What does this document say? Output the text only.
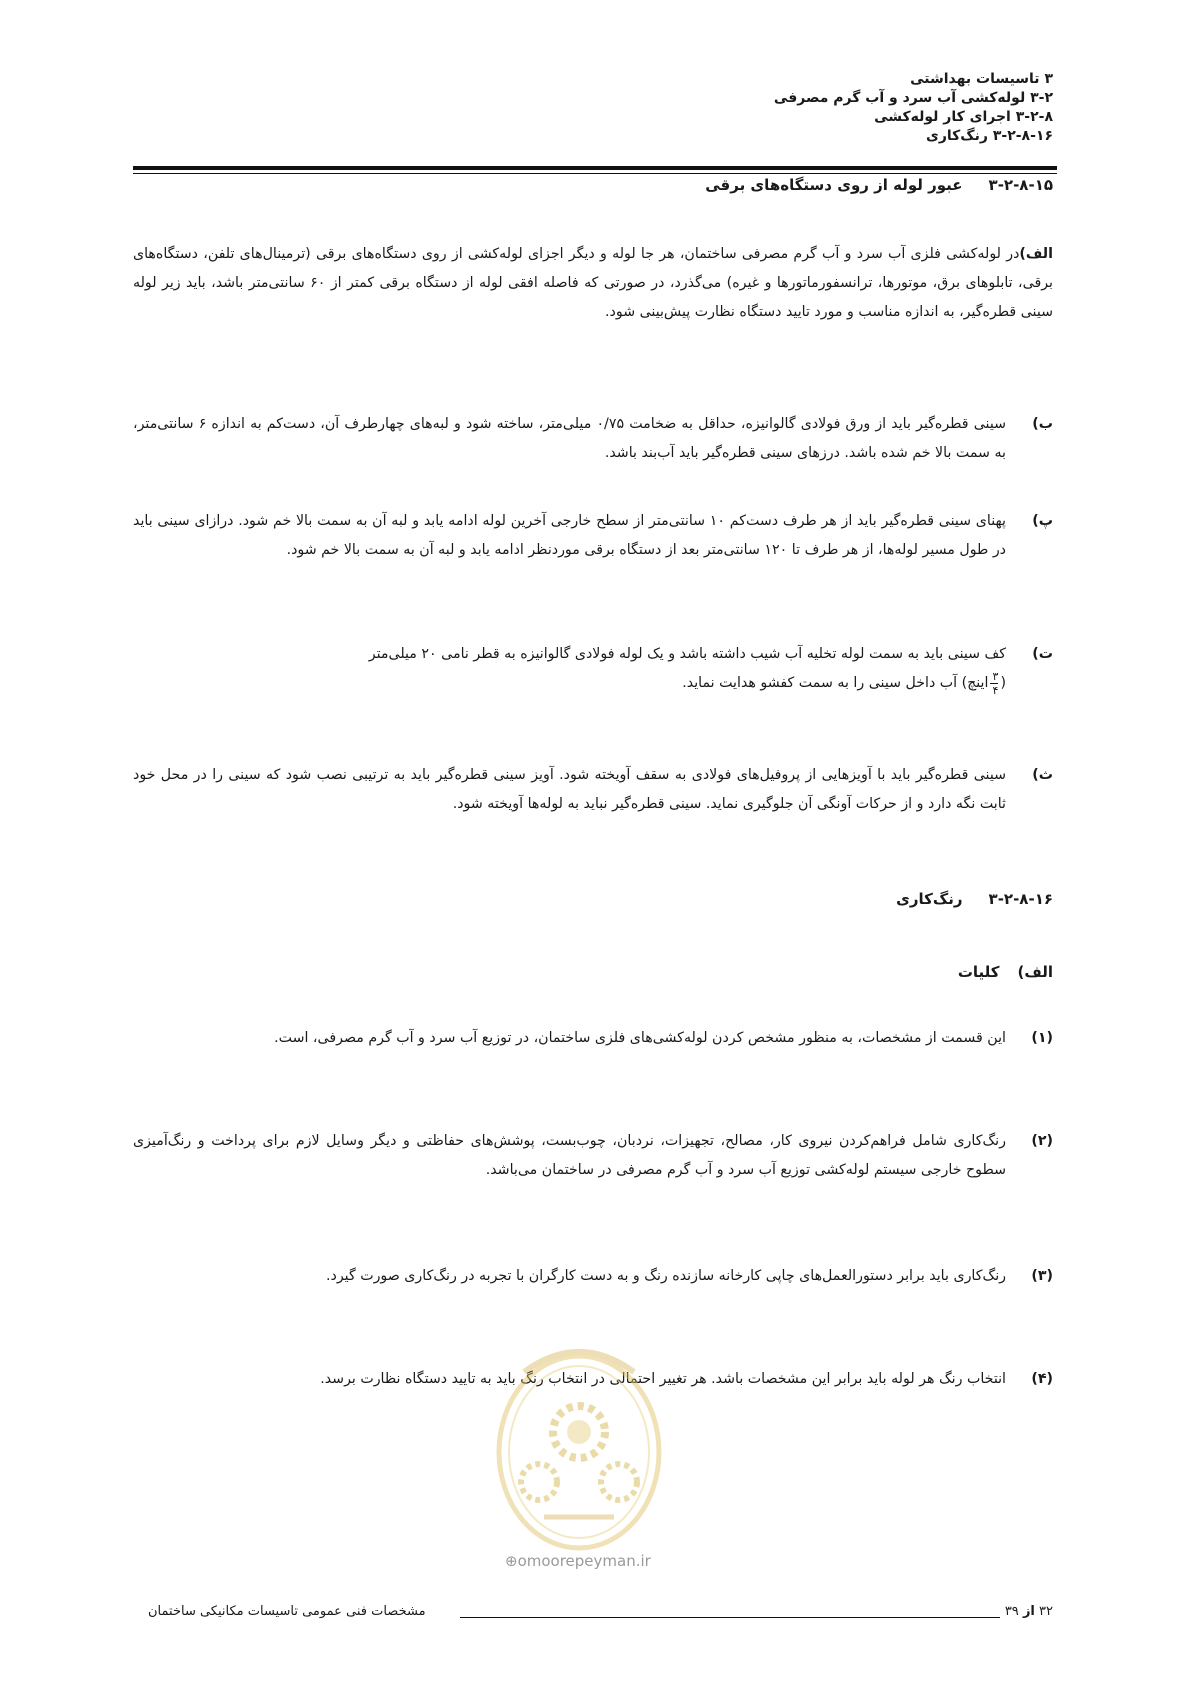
۳ تاسیسات بهداشتی
۳-۲ لوله‌کشی آب سرد و آب گرم مصرفی
۳-۲-۸ اجرای کار لوله‌کشی
۳-۲-۸-۱۶ رنگ‌کاری
۳-۲-۸-۱۵عبور لوله از روی دستگاه‌های برقی
الف)در لوله‌کشی فلزی آب سرد و آب گرم مصرفی ساختمان، هر جا لوله و دیگر اجزای لوله‌کشی از روی دستگاه‌های برقی (ترمینال‌های تلفن، دستگاه‌های برقی، تابلوهای برق، موتورها، ترانسفورماتورها و غیره) می‌گذرد، در صورتی که فاصله افقی لوله از دستگاه برقی کمتر از ۶۰ سانتی‌متر باشد، باید زیر لوله سینی قطره‌گیر، به اندازه مناسب و مورد تایید دستگاه نظارت پیش‌بینی شود.
ب)
سینی قطره‌گیر باید از ورق فولادی گالوانیزه، حداقل به ضخامت ۰/۷۵ میلی‌متر، ساخته شود و لبه‌های چهارطرف آن، دست‌کم به اندازه ۶ سانتی‌متر، به سمت بالا خم شده باشد. درزهای سینی قطره‌گیر باید آب‌بند باشد.
پ)
پهنای سینی قطره‌گیر باید از هر طرف دست‌کم ۱۰ سانتی‌متر از سطح خارجی آخرین لوله ادامه یابد و لبه آن به سمت بالا خم شود. درازای سینی باید در طول مسیر لوله‌ها، از هر طرف تا ۱۲۰ سانتی‌متر بعد از دستگاه برقی موردنظر ادامه یابد و لبه آن به سمت بالا خم شود.
ت)
کف سینی باید به سمت لوله تخلیه آب شیب داشته باشد و یک لوله فولادی گالوانیزه به قطر نامی ۲۰ میلی‌متر
(
$\frac{۳}{۴}$
اینچ) آب داخل سینی را به سمت کفشو هدایت نماید.
ث)
سینی قطره‌گیر باید با آویزهایی از پروفیل‌های فولادی به سقف آویخته شود. آویز سینی قطره‌گیر باید به ترتیبی نصب شود که سینی را در محل خود ثابت نگه دارد و از حرکات آونگی آن جلوگیری نماید. سینی قطره‌گیر نباید به لوله‌ها آویخته شود.
۳-۲-۸-۱۶رنگ‌کاری
الف)کلیات
(۱)
این قسمت از مشخصات، به منظور مشخص کردن لوله‌کشی‌های فلزی ساختمان، در توزیع آب سرد و آب گرم مصرفی، است.
(۲)
رنگ‌کاری شامل فراهم‌کردن نیروی کار، مصالح، تجهیزات، نردبان، چوب‌بست، پوشش‌های حفاظتی و دیگر وسایل لازم برای پرداخت و رنگ‌آمیزی سطوح خارجی سیستم لوله‌کشی توزیع آب سرد و آب گرم مصرفی در ساختمان می‌باشد.
(۳)
رنگ‌کاری باید برابر دستورالعمل‌های چاپی کارخانه سازنده رنگ و به دست کارگران با تجربه در رنگ‌کاری صورت گیرد.
(۴)
انتخاب رنگ هر لوله باید برابر این مشخصات باشد. هر تغییر احتمالی در انتخاب رنگ باید به تایید دستگاه نظارت برسد.
⊕omoorepeyman.ir
۳۲ از ۳۹
مشخصات فنی عمومی تاسیسات مکانیکی ساختمان
